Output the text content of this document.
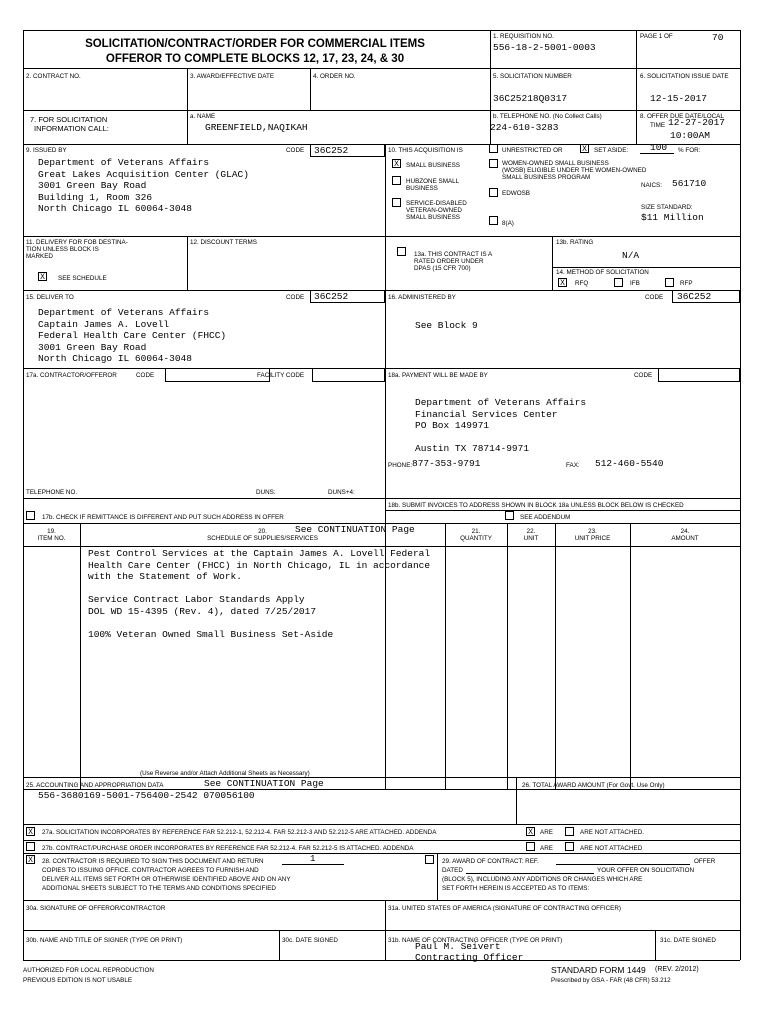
SOLICITATION/CONTRACT/ORDER FOR COMMERCIAL ITEMS
OFFEROR TO COMPLETE BLOCKS 12, 17, 23, 24, & 30
1. REQUISITION NO.
556-18-2-5001-0003
PAGE 1 OF	70
2. CONTRACT NO.	3. AWARD/EFFECTIVE DATE	4. ORDER NO.	5. SOLICITATION NUMBER
36C25218Q0317
6. SOLICITATION ISSUE DATE
12-15-2017
7. FOR SOLICITATION
INFORMATION CALL:
a. NAME
GREENFIELD,NAQIKAH
b. TELEPHONE NO. (No Collect Calls)
224-610-3283
8. OFFER DUE DATE/LOCAL
TIME 12-27-2017
10:00AM
9. ISSUED BY	CODE 36C252
Department of Veterans Affairs
Great Lakes Acquisition Center (GLAC)
3001 Green Bay Road
Building 1, Room 326
North Chicago IL 60064-3048
10. THIS ACQUISITION IS	UNRESTRICTED OR X	SET ASIDE: 100 % FOR:
X	SMALL BUSINESS
HUBZONE SMALL
BUSINESS
SERVICE-DISABLED
VETERAN-OWNED
SMALL BUSINESS
WOMEN-OWNED SMALL BUSINESS
(WOSB) ELIGIBLE UNDER THE WOMEN-OWNED
SMALL BUSINESS PROGRAM
EDWOSB
8(A)
NAICS: 561710
SIZE STANDARD:
$11 Million
11. DELIVERY FOR FOB DESTINA-
TION UNLESS BLOCK IS
MARKED
X	SEE SCHEDULE
12. DISCOUNT TERMS
13a. THIS CONTRACT IS A
RATED ORDER UNDER
DPAS (15 CFR 700)
13b. RATING
N/A
14. METHOD OF SOLICITATION
X	RFQ	IFB	RFP
15. DELIVER TO	CODE 36C252
Department of Veterans Affairs
Captain James A. Lovell
Federal Health Care Center (FHCC)
3001 Green Bay Road
North Chicago IL 60064-3048
16. ADMINISTERED BY	CODE 36C252
See Block 9
17a. CONTRACTOR/OFFEROR	CODE	FACILITY CODE
TELEPHONE NO.	DUNS:	DUNS+4:
17b. CHECK IF REMITTANCE IS DIFFERENT AND PUT SUCH ADDRESS IN OFFER
18a. PAYMENT WILL BE MADE BY	CODE
Department of Veterans Affairs
Financial Services Center
PO Box 149971

Austin TX 78714-9971
PHONE: 877-353-9791	FAX: 512-460-5540
18b. SUBMIT INVOICES TO ADDRESS SHOWN IN BLOCK 18a UNLESS BLOCK BELOW IS CHECKED
SEE ADDENDUM
19.
ITEM NO.
20.
SCHEDULE OF SUPPLIES/SERVICES
See CONTINUATION Page	21.
QUANTITY
22.
UNIT
23.
UNIT PRICE
24.
AMOUNT
Pest Control Services at the Captain James A. Lovell Federal
Health Care Center (FHCC) in North Chicago, IL in accordance
with the Statement of Work.

Service Contract Labor Standards Apply
DOL WD 15-4395 (Rev. 4), dated 7/25/2017

100% Veteran Owned Small Business Set-Aside
(Use Reverse and/or Attach Additional Sheets as Necessary)
25. ACCOUNTING AND APPROPRIATION DATA	See CONTINUATION Page
556-3680169-5001-756400-2542 070056100
26. TOTAL AWARD AMOUNT (For Govt. Use Only)
X	27a. SOLICITATION INCORPORATES BY REFERENCE FAR 52.212-1, 52.212-4. FAR 52.212-3 AND 52.212-5 ARE ATTACHED. ADDENDA	X	ARE	ARE NOT ATTACHED.
27b. CONTRACT/PURCHASE ORDER INCORPORATES BY REFERENCE FAR 52.212-4. FAR 52.212-5 IS ATTACHED. ADDENDA	ARE	ARE NOT ATTACHED
X	28. CONTRACTOR IS REQUIRED TO SIGN THIS DOCUMENT AND RETURN	1
COPIES TO ISSUING OFFICE. CONTRACTOR AGREES TO FURNISH AND
DELIVER ALL ITEMS SET FORTH OR OTHERWISE IDENTIFIED ABOVE AND ON ANY
ADDITIONAL SHEETS SUBJECT TO THE TERMS AND CONDITIONS SPECIFIED
29. AWARD OF CONTRACT: REF.	OFFER
DATED	YOUR OFFER ON SOLICITATION
(BLOCK 5), INCLUDING ANY ADDITIONS OR CHANGES WHICH ARE
SET FORTH HEREIN IS ACCEPTED AS TO ITEMS:
30a. SIGNATURE OF OFFEROR/CONTRACTOR	31a. UNITED STATES OF AMERICA (SIGNATURE OF CONTRACTING OFFICER)
30b. NAME AND TITLE OF SIGNER (TYPE OR PRINT)	30c. DATE SIGNED	31b. NAME OF CONTRACTING OFFICER (TYPE OR PRINT)
Paul M. Seivert
Contracting Officer
31c. DATE SIGNED
AUTHORIZED FOR LOCAL REPRODUCTION
PREVIOUS EDITION IS NOT USABLE
STANDARD FORM 1449 (REV. 2/2012)
Prescribed by GSA - FAR (48 CFR) 53.212
